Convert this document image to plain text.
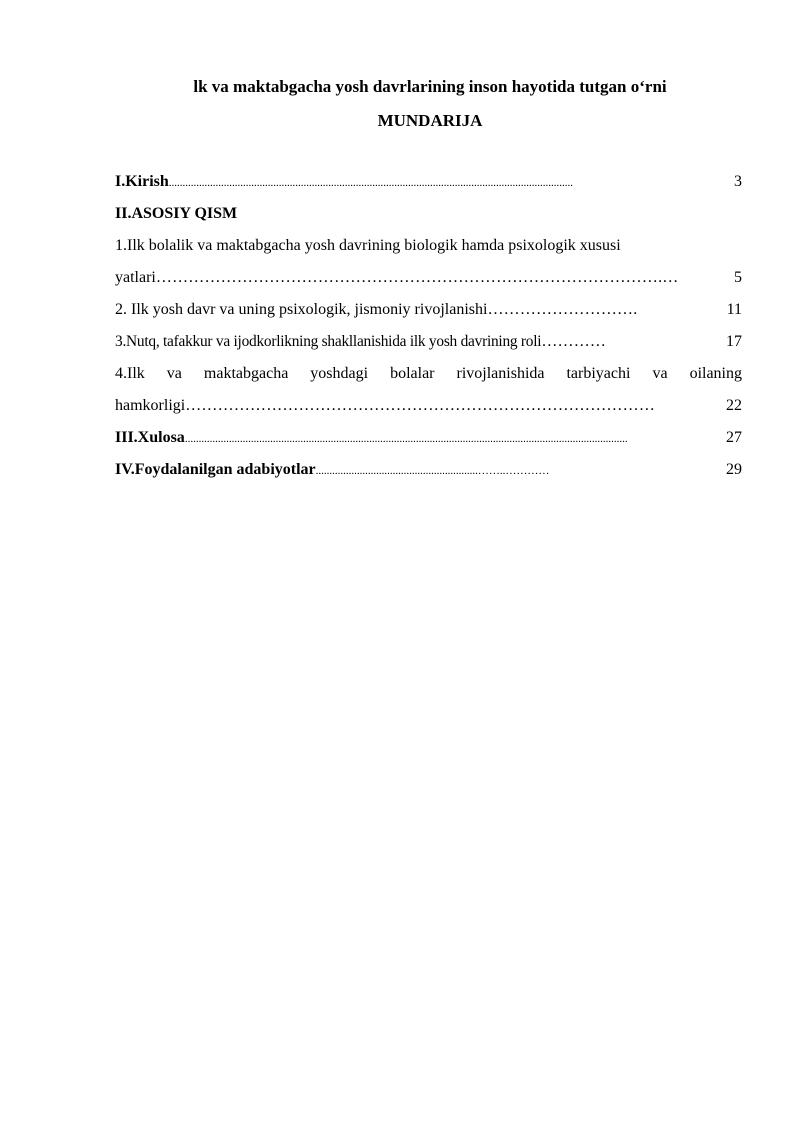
lk va maktabgacha yosh davrlarining inson hayotida tutgan o‘rni
MUNDARIJA
I.Kirish ...................................................................................................................................................	3
II.ASOSIY QISM
1.Ilk bolalik va maktabgacha yosh davrining biologik hamda psixologik xususi
yatlari ………………………………………………………………………………….…	5
2. Ilk yosh davr va uning psixologik, jismoniy rivojlanishi ……………………….	11
3.Nutq, tafakkur va ijodkorlikning shakllanishida ilk yosh davrining roli …………	17
4.Ilk va maktabgacha yoshdagi bolalar rivojlanishida tarbiyachi va oilaning
hamkorligi ……………………………………………………………………………	22
III.Xulosa .................................................................................................................................................................	27
IV.Foydalanilgan adabiyotlar ...........................................................……..…………	29
